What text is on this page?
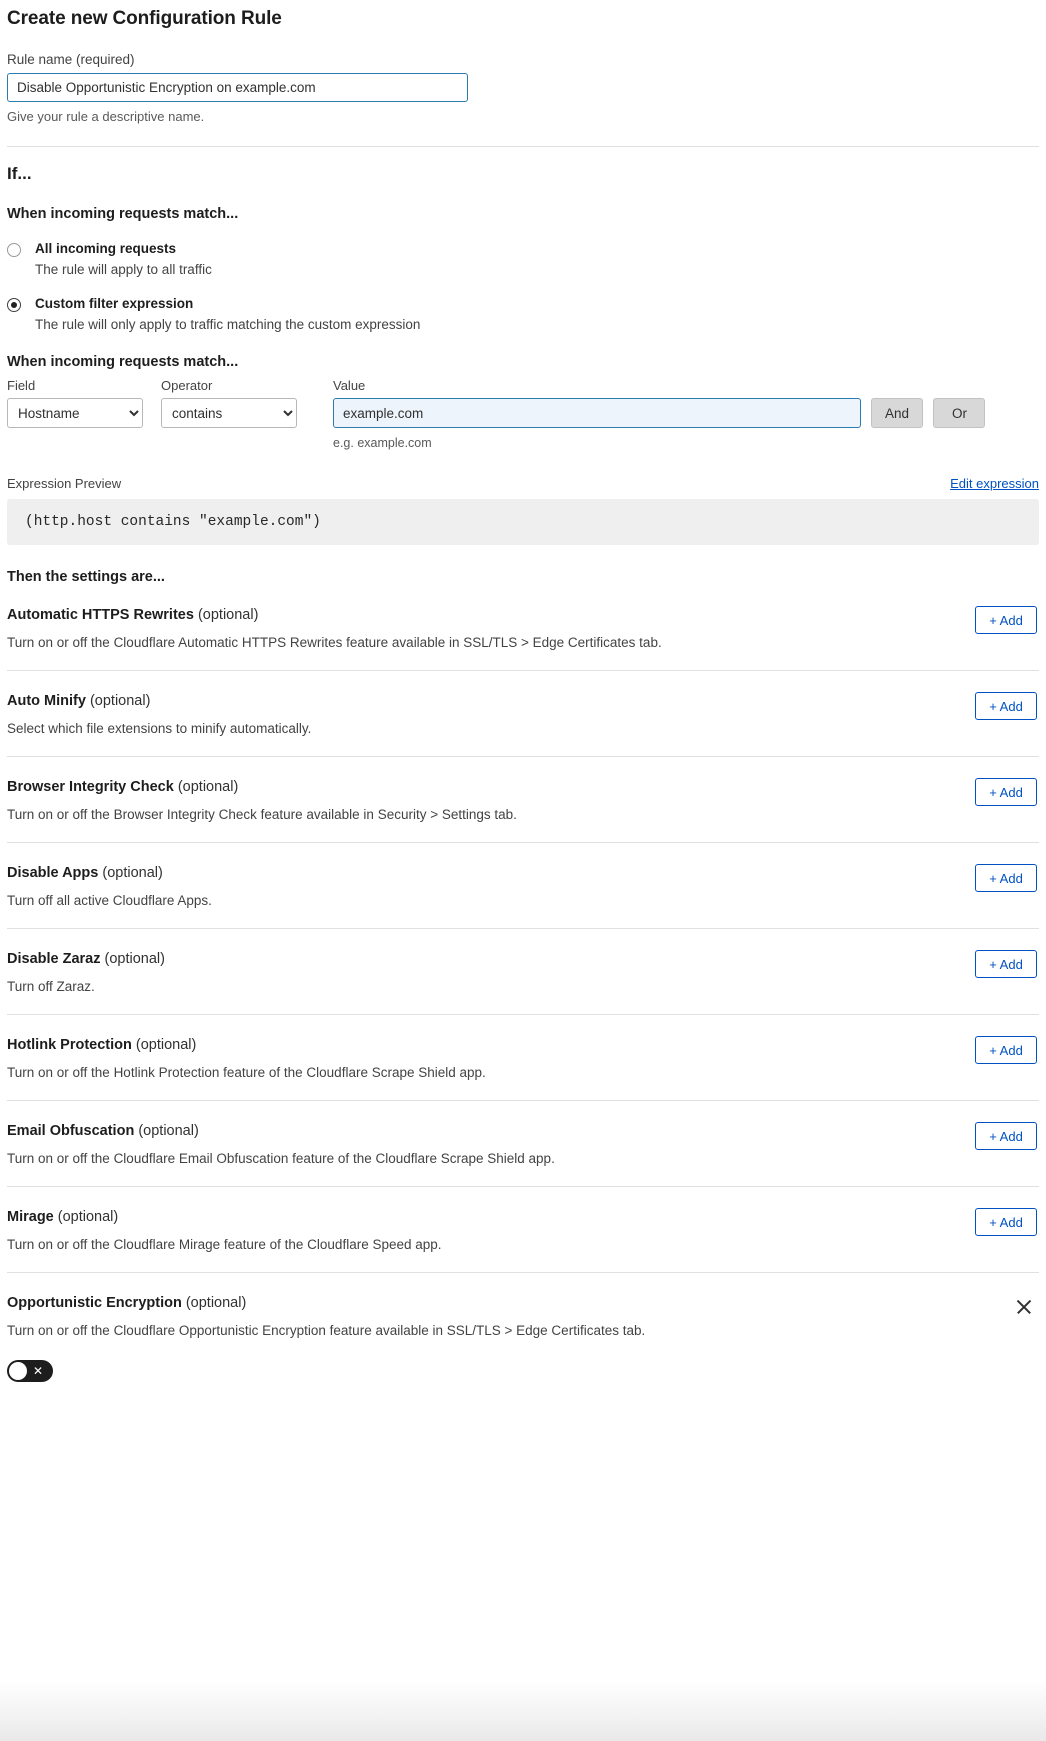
Create new Configuration Rule
Rule name (required)
Disable Opportunistic Encryption on example.com
Give your rule a descriptive name.
If...
When incoming requests match...
All incoming requests
The rule will apply to all traffic
Custom filter expression
The rule will only apply to traffic matching the custom expression
When incoming requests match...
Field
Hostname	Operator
contains	Value
example.com
e.g. example.com

And	Or
Expression Preview	Edit expression
(http.host contains "example.com")
Then the settings are...
Automatic HTTPS Rewrites (optional)
Turn on or off the Cloudflare Automatic HTTPS Rewrites feature available in SSL/TLS > Edge Certificates tab.
+ Add
Auto Minify (optional)
Select which file extensions to minify automatically.
+ Add
Browser Integrity Check (optional)
Turn on or off the Browser Integrity Check feature available in Security > Settings tab.
+ Add
Disable Apps (optional)
Turn off all active Cloudflare Apps.
+ Add
Disable Zaraz (optional)
Turn off Zaraz.
+ Add
Hotlink Protection (optional)
Turn on or off the Hotlink Protection feature of the Cloudflare Scrape Shield app.
+ Add
Email Obfuscation (optional)
Turn on or off the Cloudflare Email Obfuscation feature of the Cloudflare Scrape Shield app.
+ Add
Mirage (optional)
Turn on or off the Cloudflare Mirage feature of the Cloudflare Speed app.
+ Add
Opportunistic Encryption (optional)
Turn on or off the Cloudflare Opportunistic Encryption feature available in SSL/TLS > Edge Certificates tab.
✕
